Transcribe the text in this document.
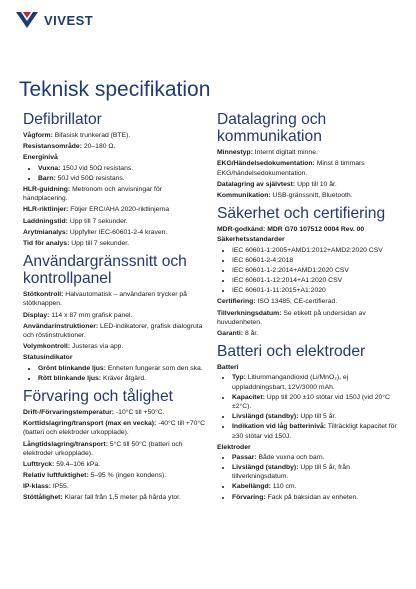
VIVEST
Teknisk specifikation
Defibrillator

Vågform: Bifasisk trunkerad (BTE).

Resistansområde: 20–180 Ω.

Energinivå

• Vuxna: 150J vid 50Ω resistans.
• Barn: 50J vid 50Ω resistans.

HLR-guidning: Metronom och anvisningar för handplacering.

HLR-riktlinjer: Följer ERC/AHA 2020-riktlinjerna

Laddningstid: Upp till 7 sekunder.

Arytmianalys: Uppfyller IEC-60601-2-4 kraven.

Tid för analys: Upp till 7 sekunder.

Användargränssnitt och kontrollpanel

Stötkontroll: Halvautomatisk – användaren trycker på stötknappen.

Display: 114 x 87 mm grafisk panel.

Användarinstruktioner: LED-indikatorer, grafisk dialogruta och röstinstruktioner.

Volymkontroll: Justeras via app.

Statusindikator

• Grönt blinkande ljus: Enheten fungerar som den ska.
• Rött blinkande ljus: Kräver åtgärd.
Förvaring och tålighet

Drift-/Förvaringstemperatur: -10°C till +50°C.

Korttidslagring/transport (max en vecka): -40°C till +70°C (batteri och elektroder urkopplade).

Långtidslagring/transport: 5°C till 50°C (batteri och elektroder urkopplade).

Lufttryck: 59.4–106 kPa.

Relativ luftfuktighet: 5–95 % (ingen kondens).

IP-klass: IP55.

Stöttålighet: Klarar fall från 1,5 meter på hårda ytor.

Datalagring och kommunikation

Minnestyp: Internt digitalt minne.

EKG/Händelsedokumentation: Minst 8 timmars EKG/händelsedokumentation.

Datalagring av självtest: Upp till 10 år.

Kommunikation: USB-gränssnitt, Bluetooth.

Säkerhet och certifiering

MDR-godkänd: MDR G70 107512 0004 Rev. 00

Säkerhetsstandarder

• IEC 60601-1:2005+AMD1:2012+AMD2:2020 CSV
• IEC 60601-2-4:2018
• IEC 60601-1-2:2014+AMD1:2020 CSV
• IEC 60601-1-12:2014+A1:2020 CSV
• IEC 60601-1-11:2015+A1:2020

Certifiering: ISO 13485, CE-certifierad.

Tillverkningsdatum: Se etikett på undersidan av huvudenheten.

Garanti: 8 år.

Batteri och elektroder

Batteri

• Typ: Litiummangandioxid (Li/MnO₂), ej uppladdningsbart, 12V/3000 mAh.
• Kapacitet: Upp till 200 ±10 stötar vid 150J (vid 20°C ±2°C).
• Livslängd (standby): Upp till 5 år.
• Indikation vid låg batterinivå: Tillräckligt kapacitet för ≥30 stötar vid 150J.

Elektroder

• Passar: Både vuxna och barn.
• Livslängd (standby): Upp till 5 år, från tillverkningsdatum.
• Kabellängd: 110 cm.
• Förvaring: Fack på baksidan av enheten.
